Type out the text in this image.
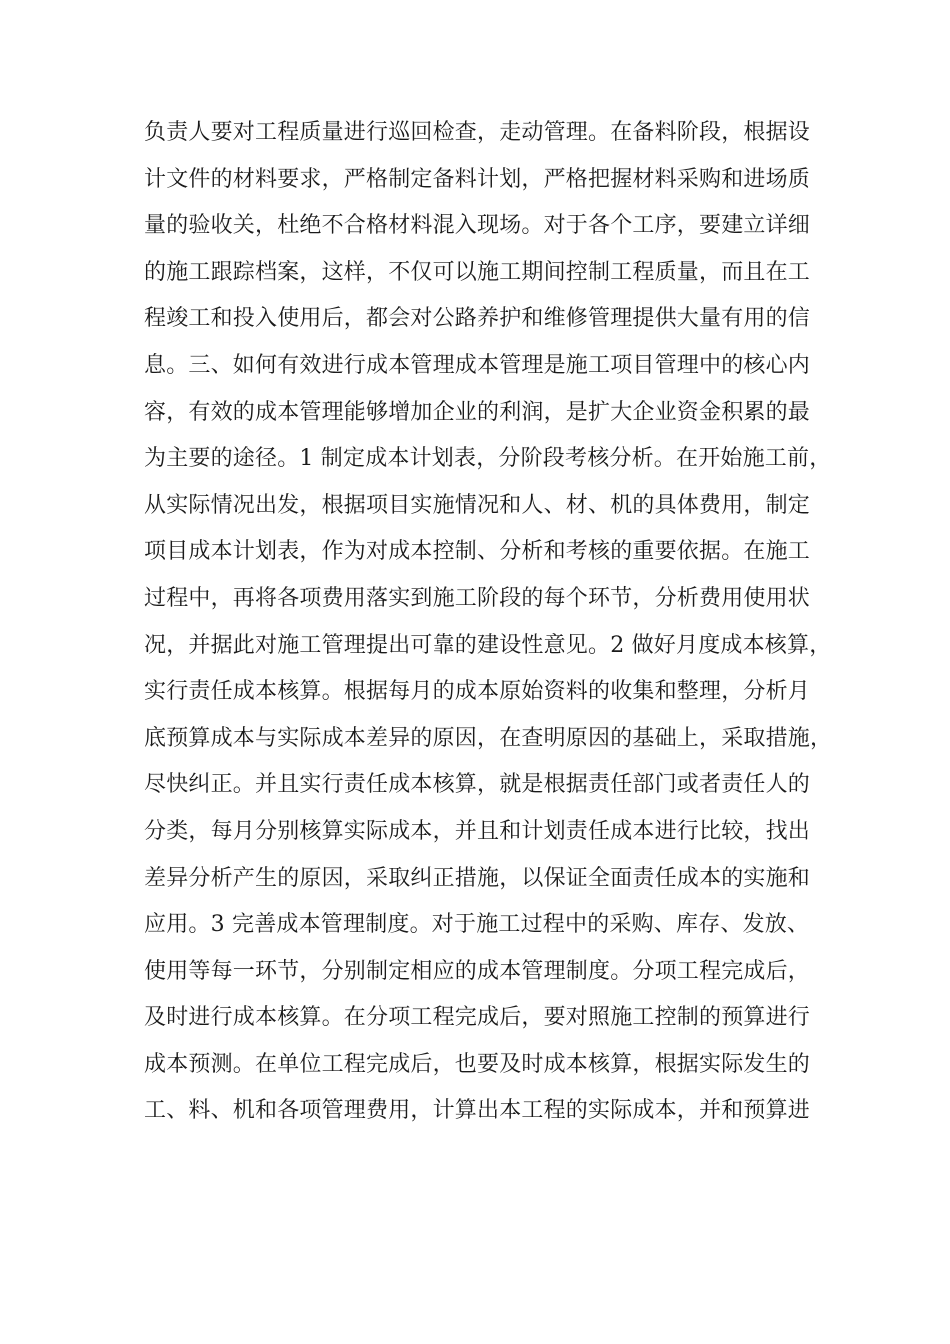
负责人要对工程质量进行巡回检查，走动管理。在备料阶段，根据设
计文件的材料要求，严格制定备料计划，严格把握材料采购和进场质
量的验收关，杜绝不合格材料混入现场。对于各个工序，要建立详细
的施工跟踪档案，这样，不仅可以施工期间控制工程质量，而且在工
程竣工和投入使用后，都会对公路养护和维修管理提供大量有用的信
息。三、如何有效进行成本管理成本管理是施工项目管理中的核心内
容，有效的成本管理能够增加企业的利润，是扩大企业资金积累的最
为主要的途径。1 制定成本计划表，分阶段考核分析。在开始施工前，
从实际情况出发，根据项目实施情况和人、材、机的具体费用，制定
项目成本计划表，作为对成本控制、分析和考核的重要依据。在施工
过程中，再将各项费用落实到施工阶段的每个环节，分析费用使用状
况，并据此对施工管理提出可靠的建设性意见。2 做好月度成本核算，
实行责任成本核算。根据每月的成本原始资料的收集和整理，分析月
底预算成本与实际成本差异的原因，在查明原因的基础上，采取措施，
尽快纠正。并且实行责任成本核算，就是根据责任部门或者责任人的
分类，每月分别核算实际成本，并且和计划责任成本进行比较，找出
差异分析产生的原因，采取纠正措施，以保证全面责任成本的实施和
应用。3 完善成本管理制度。对于施工过程中的采购、库存、发放、
使用等每一环节，分别制定相应的成本管理制度。分项工程完成后，
及时进行成本核算。在分项工程完成后，要对照施工控制的预算进行
成本预测。在单位工程完成后，也要及时成本核算，根据实际发生的
工、料、机和各项管理费用，计算出本工程的实际成本，并和预算进
